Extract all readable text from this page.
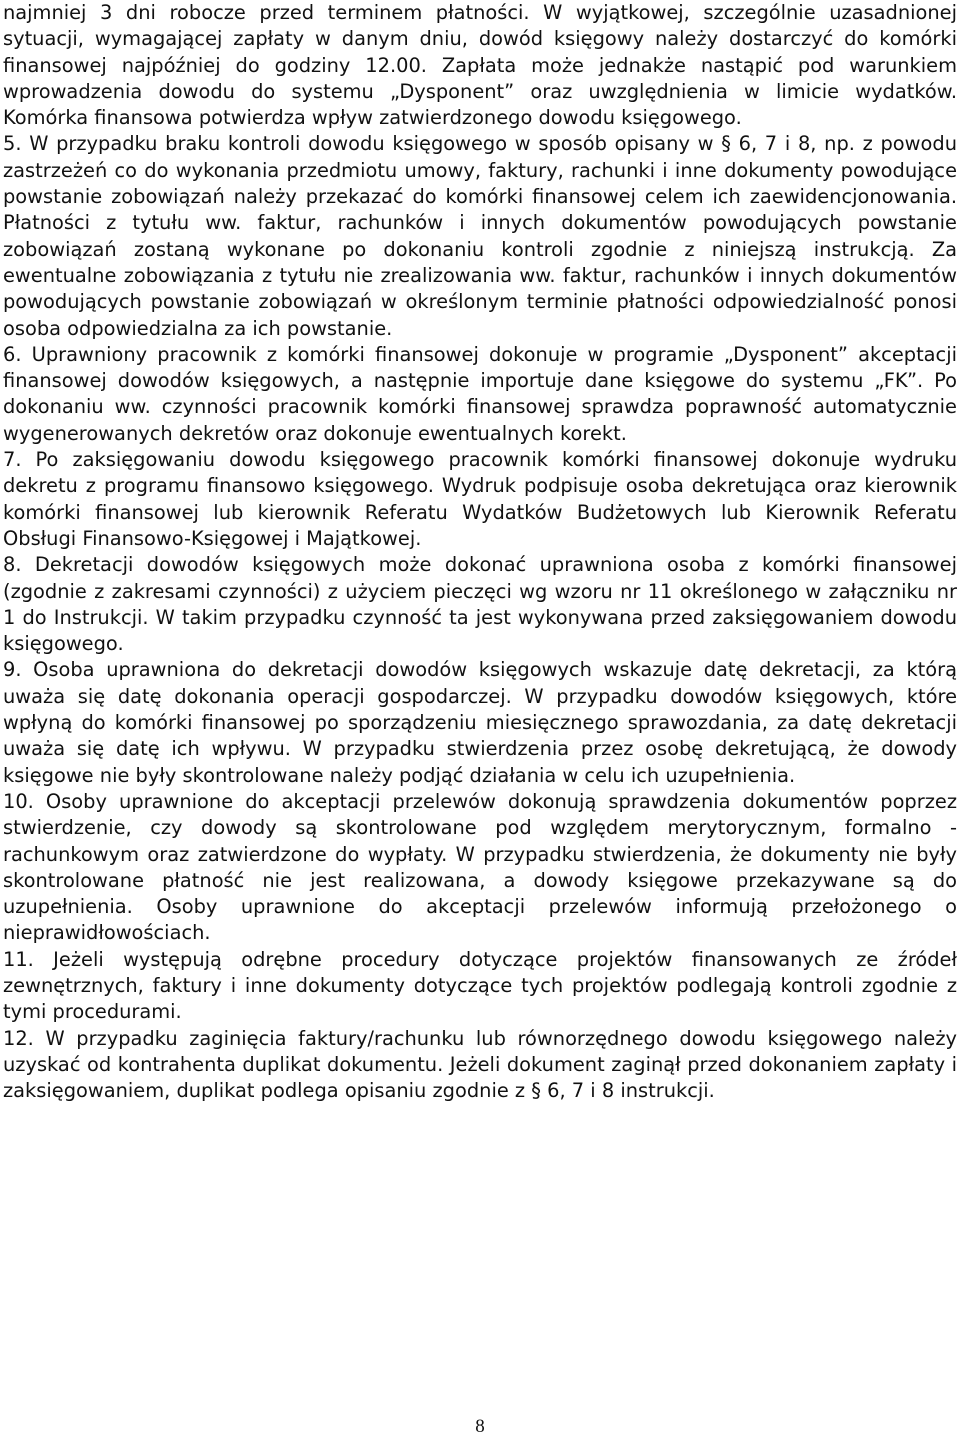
najmniej 3 dni robocze przed terminem płatności. W wyjątkowej, szczególnie uzasadnionej sytuacji, wymagającej zapłaty w danym dniu, dowód księgowy należy dostarczyć do komórki finansowej najpóźniej do godziny 12.00. Zapłata może jednakże nastąpić pod warunkiem wprowadzenia dowodu do systemu „Dysponent” oraz uwzględnienia w limicie wydatków. Komórka finansowa potwierdza wpływ zatwierdzonego dowodu księgowego.

5. W przypadku braku kontroli dowodu księgowego w sposób opisany w § 6, 7 i 8, np. z powodu zastrzeżeń co do wykonania przedmiotu umowy, faktury, rachunki i inne dokumenty powodujące powstanie zobowiązań należy przekazać do komórki finansowej celem ich zaewidencjonowania. Płatności z tytułu ww. faktur, rachunków i innych dokumentów powodujących powstanie zobowiązań zostaną wykonane po dokonaniu kontroli zgodnie z niniejszą instrukcją. Za ewentualne zobowiązania z tytułu nie zrealizowania ww. faktur, rachunków i innych dokumentów powodujących powstanie zobowiązań w określonym terminie płatności odpowiedzialność ponosi osoba odpowiedzialna za ich powstanie.

6. Uprawniony pracownik z komórki finansowej dokonuje w programie „Dysponent” akceptacji finansowej dowodów księgowych, a następnie importuje dane księgowe do systemu „FK”. Po dokonaniu ww. czynności pracownik komórki finansowej sprawdza poprawność automatycznie wygenerowanych dekretów oraz dokonuje ewentualnych korekt.

7. Po zaksięgowaniu dowodu księgowego pracownik komórki finansowej dokonuje wydruku dekretu z programu finansowo księgowego. Wydruk podpisuje osoba dekretująca oraz kierownik komórki finansowej lub kierownik Referatu Wydatków Budżetowych lub Kierownik Referatu Obsługi Finansowo-Księgowej i Majątkowej.

8. Dekretacji dowodów księgowych może dokonać uprawniona osoba z komórki finansowej (zgodnie z zakresami czynności) z użyciem pieczęci wg wzoru nr 11 określonego w załączniku nr 1 do Instrukcji. W takim przypadku czynność ta jest wykonywana przed zaksięgowaniem dowodu księgowego.

9. Osoba uprawniona do dekretacji dowodów księgowych wskazuje datę dekretacji, za którą uważa się datę dokonania operacji gospodarczej. W przypadku dowodów księgowych, które wpłyną do komórki finansowej po sporządzeniu miesięcznego sprawozdania, za datę dekretacji uważa się datę ich wpływu. W przypadku stwierdzenia przez osobę dekretującą, że dowody księgowe nie były skontrolowane należy podjąć działania w celu ich uzupełnienia.

10. Osoby uprawnione do akceptacji przelewów dokonują sprawdzenia dokumentów poprzez stwierdzenie, czy dowody są skontrolowane pod względem merytorycznym, formalno - rachunkowym oraz zatwierdzone do wypłaty. W przypadku stwierdzenia, że dokumenty nie były skontrolowane płatność nie jest realizowana, a dowody księgowe przekazywane są do uzupełnienia. Osoby uprawnione do akceptacji przelewów informują przełożonego o nieprawidłowościach.

11. Jeżeli występują odrębne procedury dotyczące projektów finansowanych ze źródeł zewnętrznych, faktury i inne dokumenty dotyczące tych projektów podlegają kontroli zgodnie z tymi procedurami.

12. W przypadku zaginięcia faktury/rachunku lub równorzędnego dowodu księgowego należy uzyskać od kontrahenta duplikat dokumentu. Jeżeli dokument zaginął przed dokonaniem zapłaty i zaksięgowaniem, duplikat podlega opisaniu zgodnie z § 6, 7 i 8 instrukcji.

8
